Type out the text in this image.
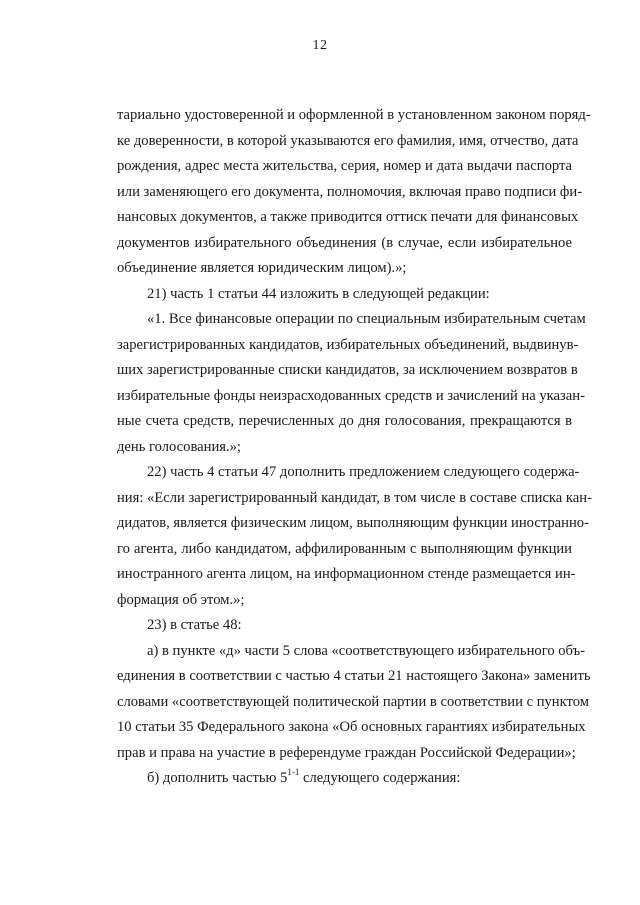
12
тариально удостоверенной и оформленной в установленном законом поряд-
ке доверенности, в которой указываются его фамилия, имя, отчество, дата
рождения, адрес места жительства, серия, номер и дата выдачи паспорта
или заменяющего его документа, полномочия, включая право подписи фи-
нансовых документов, а также приводится оттиск печати для финансовых
документов избирательного объединения (в случае, если избирательное
объединение является юридическим лицом).»;
21) часть 1 статьи 44 изложить в следующей редакции:
«1. Все финансовые операции по специальным избирательным счетам
зарегистрированных кандидатов, избирательных объединений, выдвинув-
ших зарегистрированные списки кандидатов, за исключением возвратов в
избирательные фонды неизрасходованных средств и зачислений на указан-
ные счета средств, перечисленных до дня голосования, прекращаются в
день голосования.»;
22) часть 4 статьи 47 дополнить предложением следующего содержа-
ния: «Если зарегистрированный кандидат, в том числе в составе списка кан-
дидатов, является физическим лицом, выполняющим функции иностранно-
го агента, либо кандидатом, аффилированным с выполняющим функции
иностранного агента лицом, на информационном стенде размещается ин-
формация об этом.»;
23) в статье 48:
а) в пункте «д» части 5 слова «соответствующего избирательного объ-
единения в соответствии с частью 4 статьи 21 настоящего Закона» заменить
словами «соответствующей политической партии в соответствии с пунктом
10 статьи 35 Федерального закона «Об основных гарантиях избирательных
прав и права на участие в референдуме граждан Российской Федерации»;
б) дополнить частью 5$^{1-1}$ следующего содержания:
